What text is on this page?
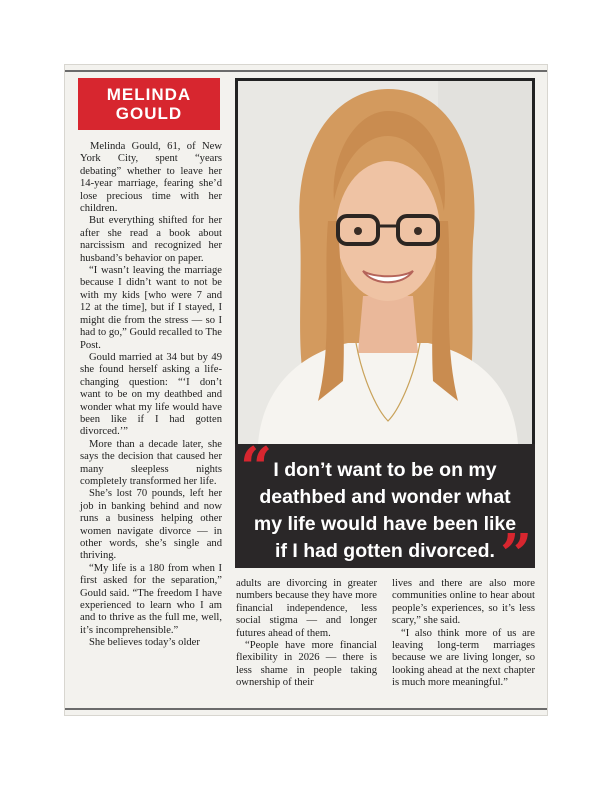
MELINDA
GOULD

Melinda Gould, 61, of New York City, spent “years debating” whether to leave her 14-year marriage, fearing she’d lose precious time with her children.

But everything shifted for her after she read a book about narcissism and recognized her husband’s behavior on paper.

“I wasn’t leaving the marriage because I didn’t want to not be with my kids [who were 7 and 12 at the time], but if I stayed, I might die from the stress — so I had to go,” Gould recalled to The Post.

Gould married at 34 but by 49 she found herself asking a life-changing question: “‘I don’t want to be on my deathbed and wonder what my life would have been like if I had gotten divorced.’”

More than a decade later, she says the decision that caused her many sleepless nights completely transformed her life.

She’s lost 70 pounds, left her job in banking behind and now runs a business helping other women navigate divorce — in other words, she’s single and thriving.

“My life is a 180 from when I first asked for the separation,” Gould said. “The freedom I have experienced to learn who I am and to thrive as the full me, well, it’s incomprehensible.”

She believes today’s older

I don’t want to be on my
deathbed and wonder what
my life would have been like
if I had gotten divorced.
“
”

adults are divorcing in greater numbers because they have more financial independence, less social stigma — and longer futures ahead of them.

“People have more financial flexibility in 2026 — there is less shame in people taking ownership of their

lives and there are also more communities online to hear about people’s experiences, so it’s less scary,” she said.

“I also think more of us are leaving long-term marriages because we are living longer, so looking ahead at the next chapter is much more meaningful.”
